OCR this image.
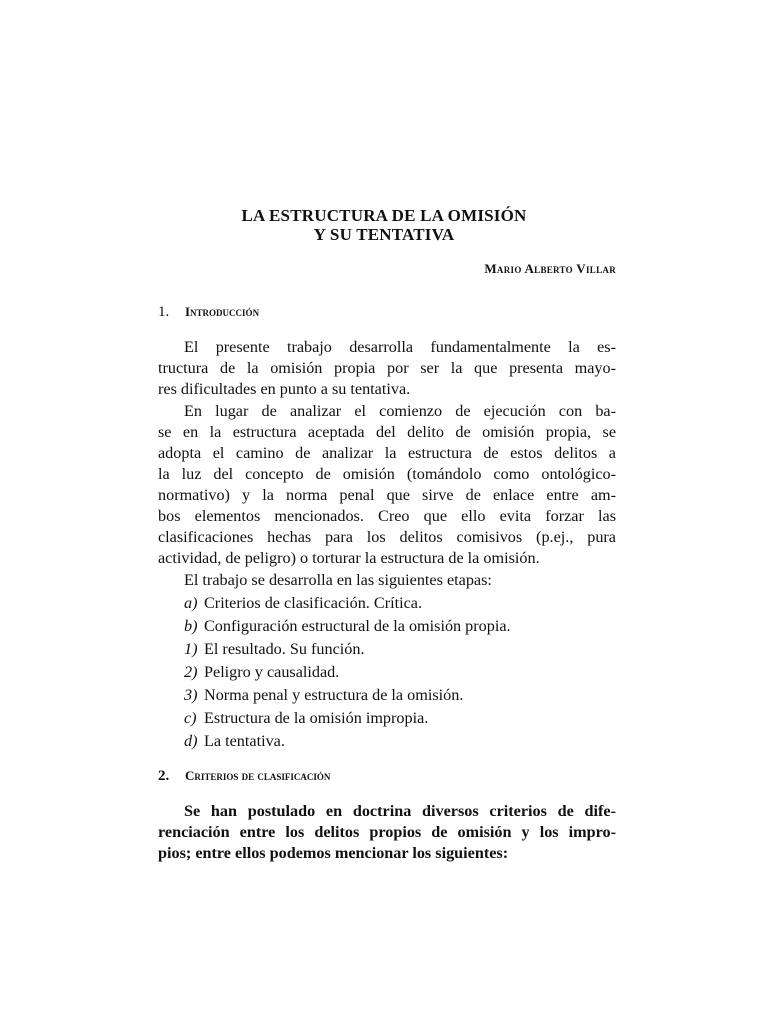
LA ESTRUCTURA DE LA OMISIÓN
Y SU TENTATIVA
Mario Alberto Villar
1. Introducción
El presente trabajo desarrolla fundamentalmente la es-
tructura de la omisión propia por ser la que presenta mayo-
res dificultades en punto a su tentativa.
En lugar de analizar el comienzo de ejecución con ba-
se en la estructura aceptada del delito de omisión propia, se
adopta el camino de analizar la estructura de estos delitos a
la luz del concepto de omisión (tomándolo como ontológico-
normativo) y la norma penal que sirve de enlace entre am-
bos elementos mencionados. Creo que ello evita forzar las
clasificaciones hechas para los delitos comisivos (p.ej., pura
actividad, de peligro) o torturar la estructura de la omisión.
El trabajo se desarrolla en las siguientes etapas:
a) Criterios de clasificación. Crítica.
b) Configuración estructural de la omisión propia.
1) El resultado. Su función.
2) Peligro y causalidad.
3) Norma penal y estructura de la omisión.
c) Estructura de la omisión impropia.
d) La tentativa.
2. Criterios de clasificación
Se han postulado en doctrina diversos criterios de dife-
renciación entre los delitos propios de omisión y los impro-
pios; entre ellos podemos mencionar los siguientes:
